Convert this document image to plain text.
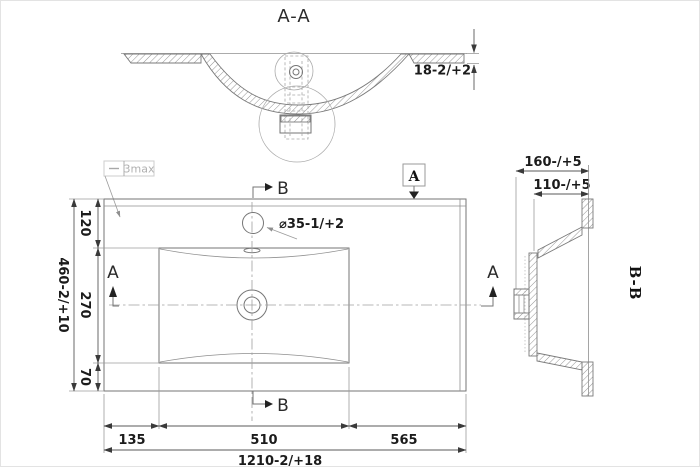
A-A
18-2/+2
3max
⌀35-1/+2
A
A	A
B
B
460-2/+10
120
270
70
135	510	565
1210-2/+18
160-/+5
110-/+5
B-B
